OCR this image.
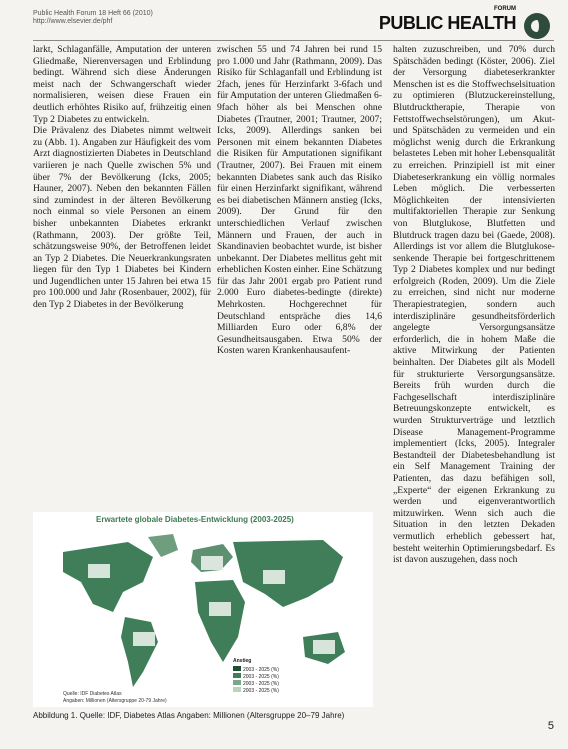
Public Health Forum 18 Heft 66 (2010)
http://www.elsevier.de/phf
FORUM
PUBLIC HEALTH

larkt, Schlaganfälle, Amputation der unteren Gliedmaße, Nierenversagen und Erblindung bedingt. Während sich diese Änderungen meist nach der Schwangerschaft wieder normalisieren, weisen diese Frauen ein deutlich erhöhtes Risiko auf, frühzeitig einen Typ 2 Diabetes zu entwickeln.

Die Prävalenz des Diabetes nimmt weltweit zu (Abb. 1). Angaben zur Häufigkeit des vom Arzt diagnostizierten Diabetes in Deutschland variieren je nach Quelle zwischen 5% und über 7% der Bevölkerung (Icks, 2005; Hauner, 2007). Neben den bekannten Fällen sind zumindest in der älteren Bevölkerung noch einmal so viele Personen an einem bisher unbekannten Diabetes erkrankt (Rathmann, 2003). Der größte Teil, schätzungsweise 90%, der Betroffenen leidet an Typ 2 Diabetes. Die Neuerkrankungsraten liegen für den Typ 1 Diabetes bei Kindern und Jugendlichen unter 15 Jahren bei etwa 15 pro 100.000 und Jahr (Rosenbauer, 2002), für den Typ 2 Diabetes in der Bevölkerung

zwischen 55 und 74 Jahren bei rund 15 pro 1.000 und Jahr (Rathmann, 2009). Das Risiko für Schlaganfall und Erblindung ist 2fach, jenes für Herzinfarkt 3-6fach und für Amputation der unteren Gliedmaßen 6-9fach höher als bei Menschen ohne Diabetes (Trautner, 2001; Trautner, 2007; Icks, 2009). Allerdings sanken bei Personen mit einem bekannten Diabetes die Risiken für Amputationen signifikant (Trautner, 2007). Bei Frauen mit einem bekannten Diabetes sank auch das Risiko für einen Herzinfarkt signifikant, während es bei diabetischen Männern anstieg (Icks, 2009). Der Grund für den unterschiedlichen Verlauf zwischen Männern und Frauen, der auch in Skandinavien beobachtet wurde, ist bisher unbekannt. Der Diabetes mellitus geht mit erheblichen Kosten einher. Eine Schätzung für das Jahr 2001 ergab pro Patient rund 2.000 Euro diabetes-bedingte (direkte) Mehrkosten. Hochgerechnet für Deutschland entspräche dies 14,6 Milliarden Euro oder 6,8% der Gesundheitsausgaben. Etwa 50% der Kosten waren Krankenhausaufent-

halten zuzuschreiben, und 70% durch Spätschäden bedingt (Köster, 2006). Ziel der Versorgung diabeteserkrankter Menschen ist es die Stoffwechselsituation zu optimieren (Blutzuckereinstellung, Blutdrucktherapie, Therapie von Fettstoffwechselstörungen), um Akut- und Spätschäden zu vermeiden und ein möglichst wenig durch die Erkrankung belastetes Leben mit hoher Lebensqualität zu erreichen. Prinzipiell ist mit einer Diabeteserkrankung ein völlig normales Leben möglich. Die verbesserten Möglichkeiten der intensivierten multifaktoriellen Therapie zur Senkung von Blutglukose, Blutfetten und Blutdruck tragen dazu bei (Gaede, 2008). Allerdings ist vor allem die Blutglukose-senkende Therapie bei fortgeschrittenem Typ 2 Diabetes komplex und nur bedingt erfolgreich (Roden, 2009). Um die Ziele zu erreichen, sind nicht nur moderne Therapiestrategien, sondern auch interdisziplinäre gesundheitsförderlich angelegte Versorgungsansätze erforderlich, die in hohem Maße die aktive Mitwirkung der Patienten beinhalten. Der Diabetes gilt als Modell für strukturierte Versorgungsansätze. Bereits früh wurden durch die Fachgesellschaft interdisziplinäre Betreuungskonzepte entwickelt, es wurden Strukturverträge und letztlich Disease Management-Programme implementiert (Icks, 2005). Integraler Bestandteil der Diabetesbehandlung ist ein Self Management Training der Patienten, das dazu befähigen soll, „Experte“ der eigenen Erkrankung zu werden und eigenverantwortlich mitzuwirken. Wenn sich auch die Situation in den letzten Dekaden vermutlich erheblich gebessert hat, besteht weiterhin Optimierungsbedarf. Es ist davon auszugehen, dass noch

Anstieg
2003 - 2025 (%)
2003 - 2025 (%)
2003 - 2025 (%)
2003 - 2025 (%)
Quelle: IDF Diabetes Atlas
Angaben: Millionen (Altersgruppe 20-79 Jahre)
Erwartete globale Diabetes-Entwicklung (2003-2025)
Abbildung 1. Quelle: IDF, Diabetes Atlas Angaben: Millionen (Altersgruppe 20–79 Jahre)
5
